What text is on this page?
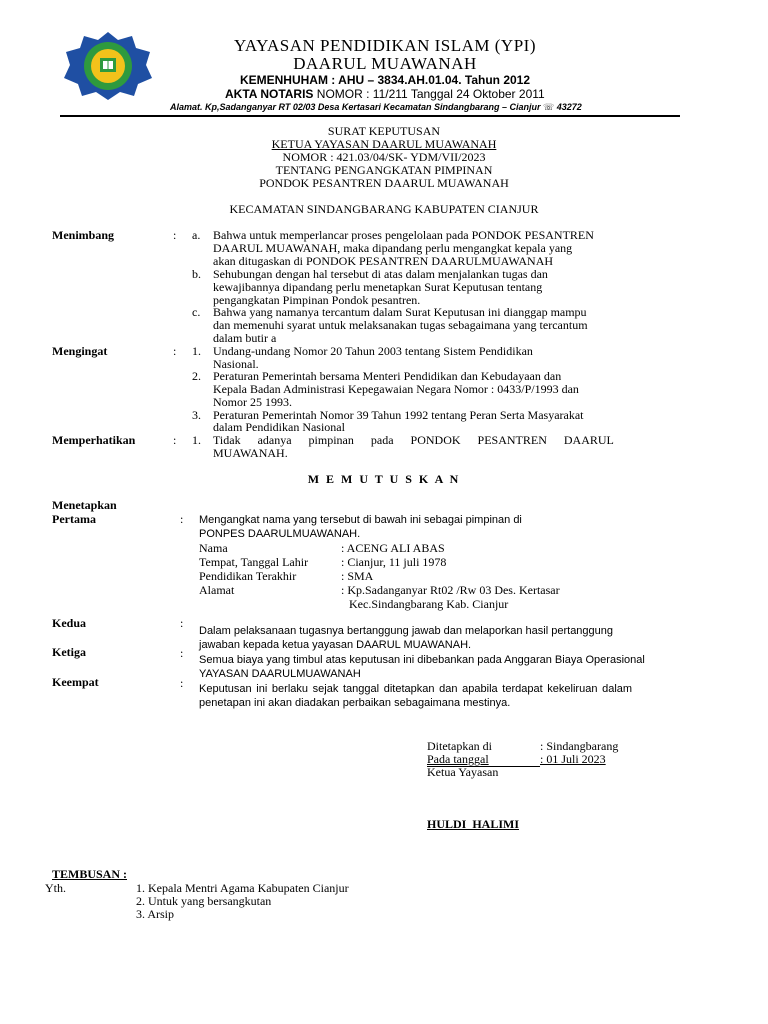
YAYASAN PENDIDIKAN ISLAM (YPI)
DAARUL MUAWANAH
KEMENHUHAM : AHU – 3834.AH.01.04. Tahun 2012
AKTA NOTARIS NOMOR : 11/211 Tanggal 24 Oktober 2011
Alamat. Kp,Sadanganyar RT 02/03 Desa Kertasari Kecamatan Sindangbarang – Cianjur ☏ 43272
SURAT KEPUTUSAN
KETUA YAYASAN DAARUL MUAWANAH
NOMOR : 421.03/04/SK- YDM/VII/2023
TENTANG PENGANGKATAN PIMPINAN
PONDOK PESANTREN DAARUL MUAWANAH
KECAMATAN SINDANGBARANG KABUPATEN CIANJUR
Menimbang	: a. Bahwa untuk memperlancar proses pengelolaan pada PONDOK PESANTREN
DAARUL MUAWANAH, maka dipandang perlu mengangkat kepala yang
akan ditugaskan di PONDOK PESANTREN DAARULMUAWANAH
b. Sehubungan dengan hal tersebut di atas dalam menjalankan tugas dan
kewajibannya dipandang perlu menetapkan Surat Keputusan tentang
pengangkatan Pimpinan Pondok pesantren.
c. Bahwa yang namanya tercantum dalam Surat Keputusan ini dianggap mampu
dan memenuhi syarat untuk melaksanakan tugas sebagaimana yang tercantum
dalam butir a
Mengingat	: 1. Undang-undang Nomor 20 Tahun 2003 tentang Sistem Pendidikan
Nasional.
2. Peraturan Pemerintah bersama Menteri Pendidikan dan Kebudayaan dan
Kepala Badan Administrasi Kepegawaian Negara Nomor : 0433/P/1993 dan
Nomor 25 1993.
3. Peraturan Pemerintah Nomor 39 Tahun 1992 tentang Peran Serta Masyarakat
dalam Pendidikan Nasional
Memperhatikan	: 1. Tidak adanya pimpinan pada PONDOK PESANTREN DAARUL
MUAWANAH.
M E M U T U S K A N
Menetapkan
Pertama	: Mengangkat nama yang tersebut di bawah ini sebagai pimpinan di
PONPES DAARULMUAWANAH.
Nama	: ACENG ALI ABAS
Tempat, Tanggal Lahir	: Cianjur, 11 juli 1978
Pendidikan Terakhir	: SMA
Alamat	: Kp.Sadanganyar Rt02 /Rw 03 Des. Kertasar
Kec.Sindangbarang Kab. Cianjur
Kedua	:
Dalam pelaksanaan tugasnya bertanggung jawab dan melaporkan hasil pertanggung
jawaban kepada ketua yayasan DAARUL MUAWANAH.
Ketiga	: Semua biaya yang timbul atas keputusan ini dibebankan pada Anggaran Biaya Operasional
YAYASAN DAARULMUAWANAH
Keempat	: Keputusan ini berlaku sejak tanggal ditetapkan dan apabila terdapat kekeliruan dalam
penetapan ini akan diadakan perbaikan sebagaimana mestinya.
Ditetapkan di	: Sindangbarang
Pada tanggal	: 01 Juli 2023
Ketua Yayasan
HULDI  HALIMI
TEMBUSAN :
Yth.	1. Kepala Mentri Agama Kabupaten Cianjur
2. Untuk yang bersangkutan
3. Arsip
